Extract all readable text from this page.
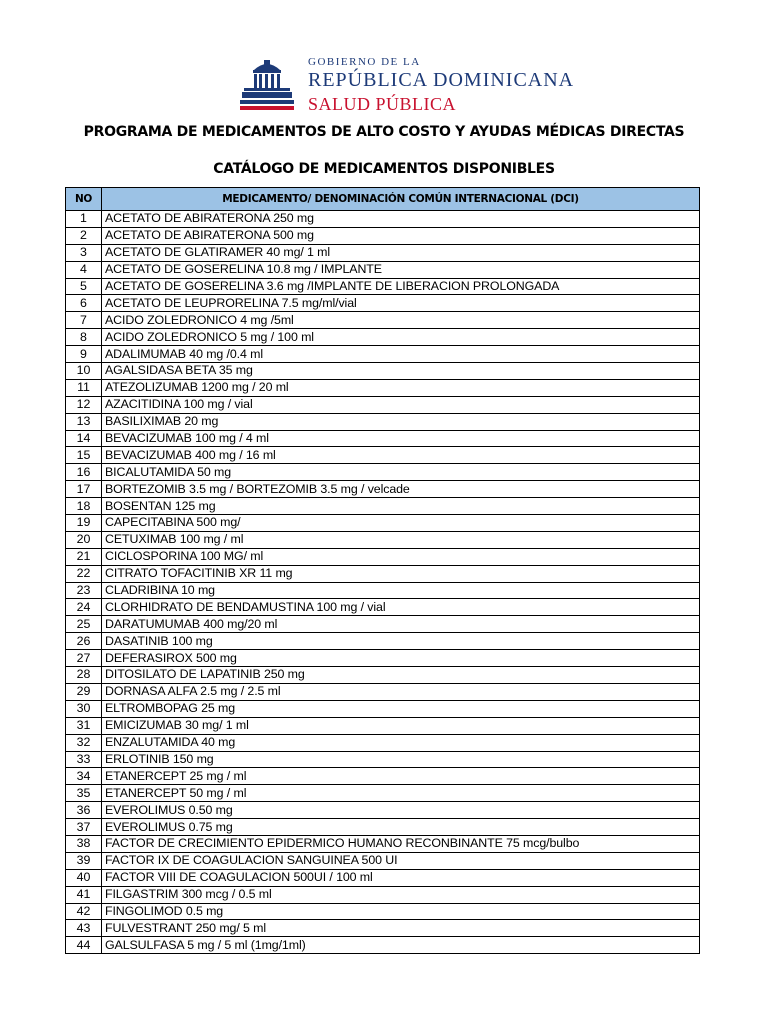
GOBIERNO DE LA
REPÚBLICA DOMINICANA
SALUD PÚBLICA
PROGRAMA DE MEDICAMENTOS DE ALTO COSTO Y AYUDAS MÉDICAS DIRECTAS
CATÁLOGO DE MEDICAMENTOS DISPONIBLES
NO	MEDICAMENTO/ DENOMINACIÓN COMÚN INTERNACIONAL (DCI)
1	ACETATO DE ABIRATERONA 250 mg
2	ACETATO DE ABIRATERONA 500 mg
3	ACETATO DE GLATIRAMER 40 mg/ 1 ml
4	ACETATO DE GOSERELINA 10.8 mg / IMPLANTE
5	ACETATO DE GOSERELINA 3.6 mg /IMPLANTE DE LIBERACION PROLONGADA
6	ACETATO DE LEUPRORELINA 7.5 mg/ml/vial
7	ACIDO ZOLEDRONICO 4 mg /5ml
8	ACIDO ZOLEDRONICO 5 mg / 100 ml
9	ADALIMUMAB 40 mg /0.4 ml
10	AGALSIDASA BETA 35 mg
11	ATEZOLIZUMAB 1200 mg / 20 ml
12	AZACITIDINA 100 mg / vial
13	BASILIXIMAB 20 mg
14	BEVACIZUMAB 100 mg / 4 ml
15	BEVACIZUMAB 400 mg / 16 ml
16	BICALUTAMIDA 50 mg
17	BORTEZOMIB 3.5 mg / BORTEZOMIB 3.5 mg / velcade
18	BOSENTAN 125 mg
19	CAPECITABINA 500 mg/
20	CETUXIMAB 100 mg / ml
21	CICLOSPORINA 100 MG/ ml
22	CITRATO TOFACITINIB XR 11 mg
23	CLADRIBINA 10 mg
24	CLORHIDRATO DE BENDAMUSTINA 100 mg / vial
25	DARATUMUMAB 400 mg/20 ml
26	DASATINIB 100 mg
27	DEFERASIROX 500 mg
28	DITOSILATO DE LAPATINIB 250 mg
29	DORNASA ALFA 2.5 mg / 2.5 ml
30	ELTROMBOPAG 25 mg
31	EMICIZUMAB 30 mg/ 1 ml
32	ENZALUTAMIDA 40 mg
33	ERLOTINIB 150 mg
34	ETANERCEPT 25 mg / ml
35	ETANERCEPT 50 mg / ml
36	EVEROLIMUS 0.50 mg
37	EVEROLIMUS 0.75 mg
38	FACTOR DE CRECIMIENTO EPIDERMICO HUMANO RECONBINANTE 75 mcg/bulbo
39	FACTOR IX DE COAGULACION SANGUINEA 500 UI
40	FACTOR VIII DE COAGULACION 500UI / 100 ml
41	FILGASTRIM 300 mcg / 0.5 ml
42	FINGOLIMOD 0.5 mg
43	FULVESTRANT 250 mg/ 5 ml
44	GALSULFASA 5 mg / 5 ml (1mg/1ml)
